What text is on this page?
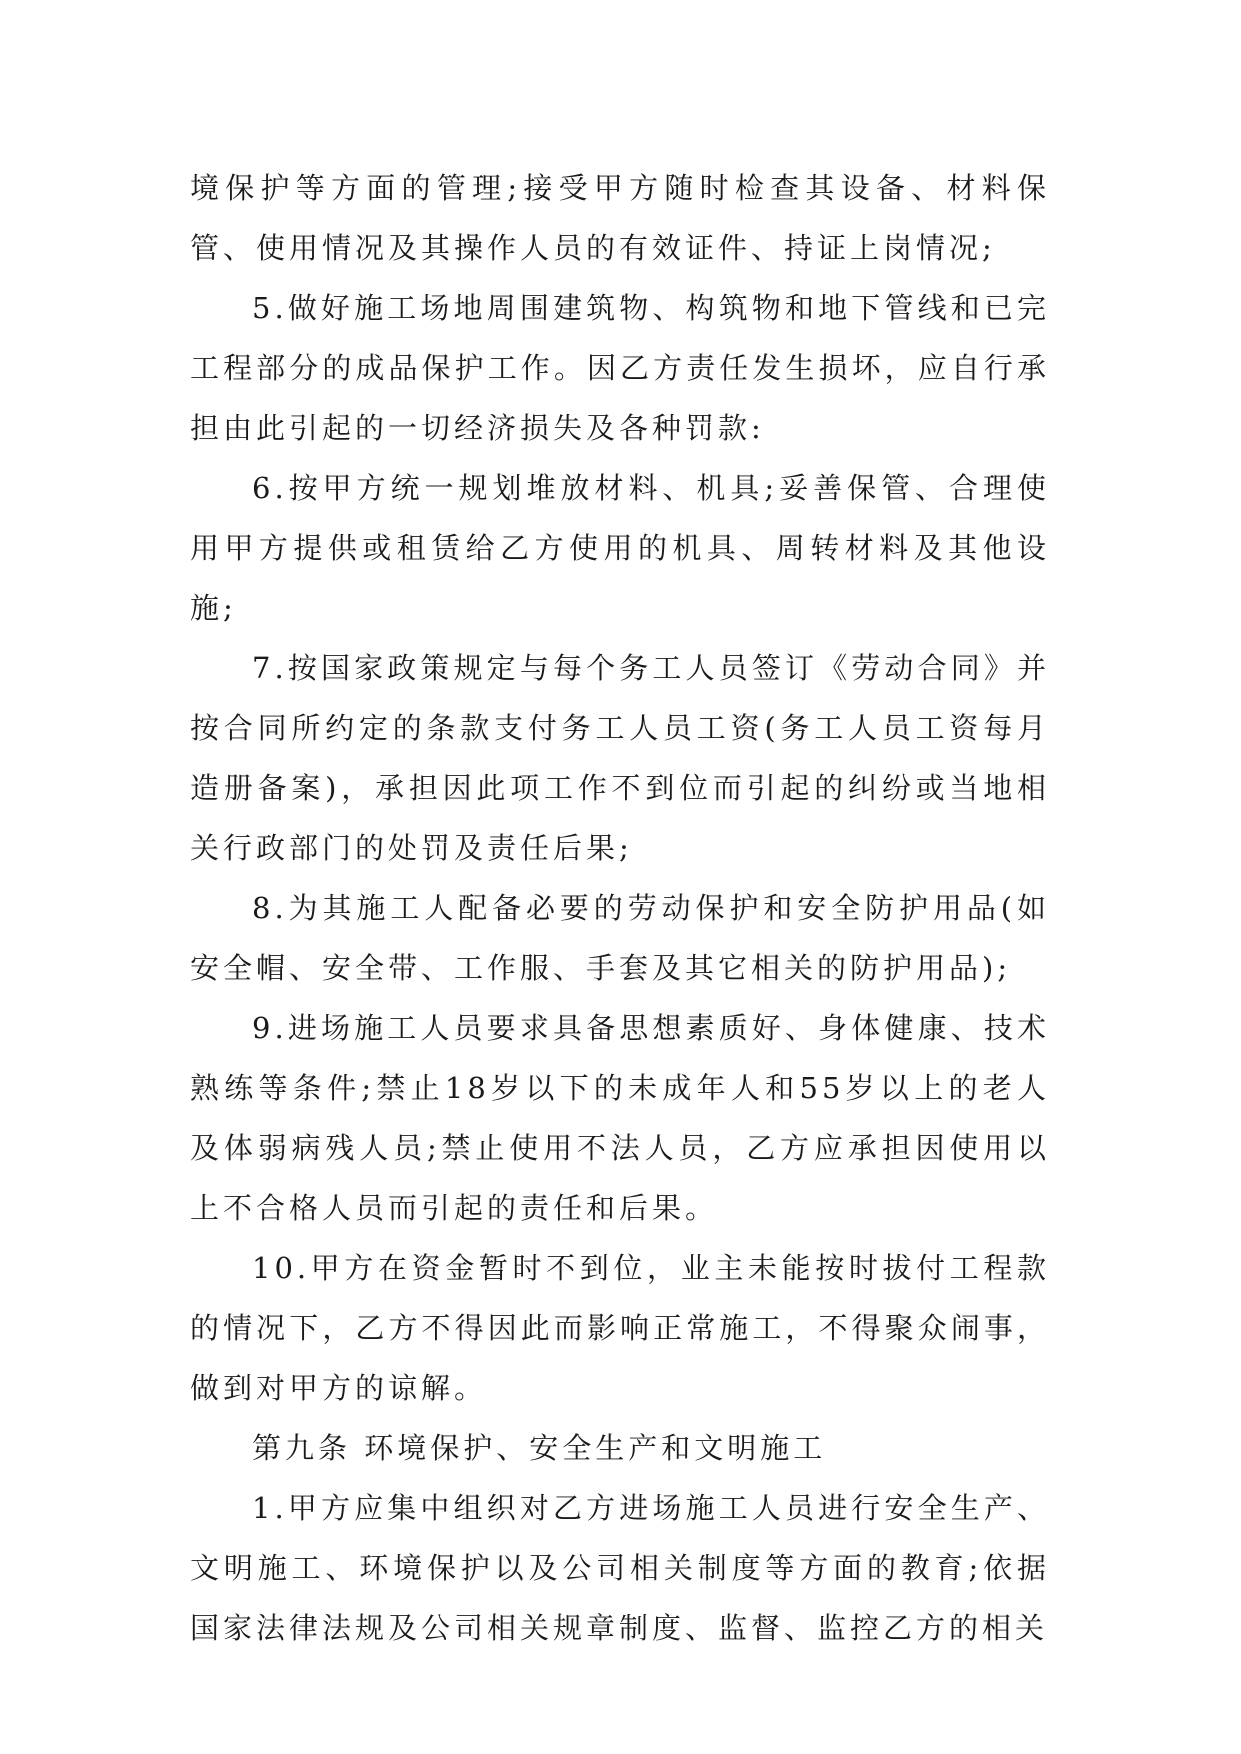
境保护等方面的管理;接受甲方随时检查其设备、材料保管、使用情况及其操作人员的有效证件、持证上岗情况;

5.做好施工场地周围建筑物、构筑物和地下管线和已完工程部分的成品保护工作。因乙方责任发生损坏，应自行承担由此引起的一切经济损失及各种罚款:

6.按甲方统一规划堆放材料、机具;妥善保管、合理使用甲方提供或租赁给乙方使用的机具、周转材料及其他设施;

7.按国家政策规定与每个务工人员签订《劳动合同》并按合同所约定的条款支付务工人员工资(务工人员工资每月造册备案)，承担因此项工作不到位而引起的纠纷或当地相关行政部门的处罚及责任后果;

8.为其施工人配备必要的劳动保护和安全防护用品(如安全帽、安全带、工作服、手套及其它相关的防护用品);

9.进场施工人员要求具备思想素质好、身体健康、技术熟练等条件;禁止18岁以下的未成年人和55岁以上的老人及体弱病残人员;禁止使用不法人员，乙方应承担因使用以上不合格人员而引起的责任和后果。

10.甲方在资金暂时不到位，业主未能按时拔付工程款的情况下，乙方不得因此而影响正常施工，不得聚众闹事，做到对甲方的谅解。

第九条 环境保护、安全生产和文明施工

1.甲方应集中组织对乙方进场施工人员进行安全生产、文明施工、环境保护以及公司相关制度等方面的教育;依据国家法律法规及公司相关规章制度、监督、监控乙方的相关
